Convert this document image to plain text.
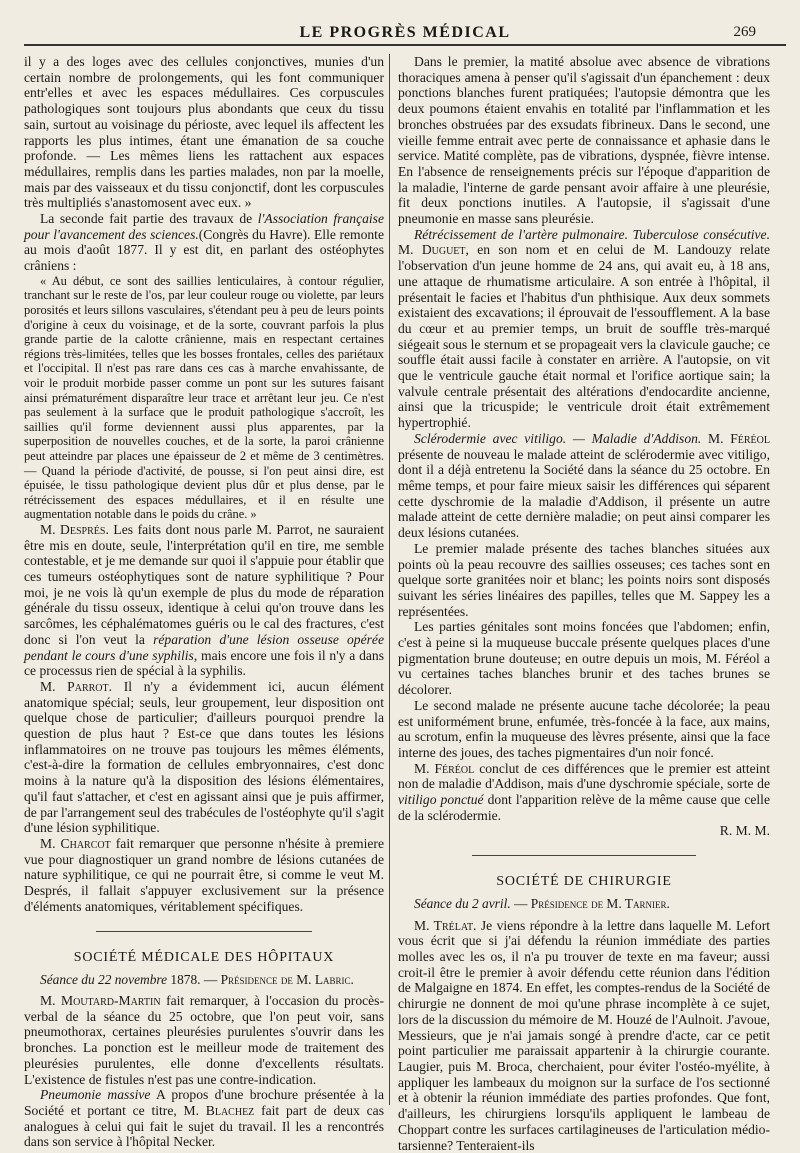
LE PROGRÈS MÉDICAL	269

il y a des loges avec des cellules conjonctives, munies d'un certain nombre de prolongements, qui les font communiquer entr'elles et avec les espaces médullaires. Ces corpuscules pathologiques sont toujours plus abondants que ceux du tissu sain, surtout au voisinage du périoste, avec lequel ils affectent les rapports les plus intimes, étant une émanation de sa couche profonde. — Les mêmes liens les rattachent aux espaces médullaires, remplis dans les parties malades, non par la moelle, mais par des vaisseaux et du tissu conjonctif, dont les corpuscules très multipliés s'anastomosent avec eux. »

La seconde fait partie des travaux de l'Association française pour l'avancement des sciences.(Congrès du Havre). Elle remonte au mois d'août 1877. Il y est dit, en parlant des ostéophytes crâniens :

« Au début, ce sont des saillies lenticulaires, à contour régulier, tranchant sur le reste de l'os, par leur couleur rouge ou violette, par leurs porosités et leurs sillons vasculaires, s'étendant peu à peu de leurs points d'origine à ceux du voisinage, et de la sorte, couvrant parfois la plus grande partie de la calotte crânienne, mais en respectant certaines régions très-limitées, telles que les bosses frontales, celles des pariétaux et l'occipital. Il n'est pas rare dans ces cas à marche envahissante, de voir le produit morbide passer comme un pont sur les sutures faisant ainsi prématurément disparaître leur trace et arrêtant leur jeu. Ce n'est pas seulement à la surface que le produit pathologique s'accroît, les saillies qu'il forme deviennent aussi plus apparentes, par la superposition de nouvelles couches, et de la sorte, la paroi crânienne peut atteindre par places une épaisseur de 2 et même de 3 centimètres. — Quand la période d'activité, de pousse, si l'on peut ainsi dire, est épuisée, le tissu pathologique devient plus dûr et plus dense, par le rétrécissement des espaces médullaires, et il en résulte une augmentation notable dans le poids du crâne. »

M. Després. Les faits dont nous parle M. Parrot, ne sauraient être mis en doute, seule, l'interprétation qu'il en tire, me semble contestable, et je me demande sur quoi il s'appuie pour établir que ces tumeurs ostéophytiques sont de nature syphilitique ? Pour moi, je ne vois là qu'un exemple de plus du mode de réparation générale du tissu osseux, identique à celui qu'on trouve dans les sarcômes, les céphalématomes guéris ou le cal des fractures, c'est donc si l'on veut la réparation d'une lésion osseuse opérée pendant le cours d'une syphilis, mais encore une fois il n'y a dans ce processus rien de spécial à la syphilis.

M. Parrot. Il n'y a évidemment ici, aucun élément anatomique spécial; seuls, leur groupement, leur disposition ont quelque chose de particulier; d'ailleurs pourquoi prendre la question de plus haut ? Est-ce que dans toutes les lésions inflammatoires on ne trouve pas toujours les mêmes éléments, c'est-à-dire la formation de cellules embryonnaires, c'est donc moins à la nature qu'à la disposition des lésions élémentaires, qu'il faut s'attacher, et c'est en agissant ainsi que je puis affirmer, de par l'arrangement seul des trabécules de l'ostéophyte qu'il s'agit d'une lésion syphilitique.

M. Charcot fait remarquer que personne n'hésite à premiere vue pour diagnostiquer un grand nombre de lésions cutanées de nature syphilitique, ce qui ne pourrait être, si comme le veut M. Després, il fallait s'appuyer exclusivement sur la présence d'éléments anatomiques, véritablement spécifiques.

SOCIÉTÉ MÉDICALE DES HÔPITAUX
Séance du 22 novembre 1878. — Présidence de M. Labric.

M. Moutard-Martin fait remarquer, à l'occasion du procès-verbal de la séance du 25 octobre, que l'on peut voir, sans pneumothorax, certaines pleurésies purulentes s'ouvrir dans les bronches. La ponction est le meilleur mode de traitement des pleurésies purulentes, elle donne d'excellents résultats. L'existence de fistules n'est pas une contre-indication.

Pneumonie massive A propos d'une brochure présentée à la Société et portant ce titre, M. Blachez fait part de deux cas analogues à celui qui fait le sujet du travail. Il les a rencontrés dans son service à l'hôpital Necker.

Dans le premier, la matité absolue avec absence de vibrations thoraciques amena à penser qu'il s'agissait d'un épanchement : deux ponctions blanches furent pratiquées; l'autopsie démontra que les deux poumons étaient envahis en totalité par l'inflammation et les bronches obstruées par des exsudats fibrineux. Dans le second, une vieille femme entrait avec perte de connaissance et aphasie dans le service. Matité complète, pas de vibrations, dyspnée, fièvre intense. En l'absence de renseignements précis sur l'époque d'apparition de la maladie, l'interne de garde pensant avoir affaire à une pleurésie, fit deux ponctions inutiles. A l'autopsie, il s'agissait d'une pneumonie en masse sans pleurésie.

Rétrécissement de l'artère pulmonaire. Tuberculose consécutive. M. Duguet, en son nom et en celui de M. Landouzy relate l'observation d'un jeune homme de 24 ans, qui avait eu, à 18 ans, une attaque de rhumatisme articulaire. A son entrée à l'hôpital, il présentait le facies et l'habitus d'un phthisique. Aux deux sommets existaient des excavations; il éprouvait de l'essoufflement. A la base du cœur et au premier temps, un bruit de souffle très-marqué siégeait sous le sternum et se propageait vers la clavicule gauche; ce souffle était aussi facile à constater en arrière. A l'autopsie, on vit que le ventricule gauche était normal et l'orifice aortique sain; la valvule centrale présentait des altérations d'endocardite ancienne, ainsi que la tricuspide; le ventricule droit était extrêmement hypertrophié.

Sclérodermie avec vitiligo. — Maladie d'Addison. M. Féréol présente de nouveau le malade atteint de sclérodermie avec vitiligo, dont il a déjà entretenu la Société dans la séance du 25 octobre. En même temps, et pour faire mieux saisir les différences qui séparent cette dyschromie de la maladie d'Addison, il présente un autre malade atteint de cette dernière maladie; on peut ainsi comparer les deux lésions cutanées.

Le premier malade présente des taches blanches situées aux points où la peau recouvre des saillies osseuses; ces taches sont en quelque sorte granitées noir et blanc; les points noirs sont disposés suivant les séries linéaires des papilles, telles que M. Sappey les a représentées.

Les parties génitales sont moins foncées que l'abdomen; enfin, c'est à peine si la muqueuse buccale présente quelques places d'une pigmentation brune douteuse; en outre depuis un mois, M. Féréol a vu certaines taches blanches brunir et des taches brunes se décolorer.

Le second malade ne présente aucune tache décolorée; la peau est uniformément brune, enfumée, très-foncée à la face, aux mains, au scrotum, enfin la muqueuse des lèvres présente, ainsi que la face interne des joues, des taches pigmentaires d'un noir foncé.

M. Féréol conclut de ces différences que le premier est atteint non de maladie d'Addison, mais d'une dyschromie spéciale, sorte de vitiligo ponctué dont l'apparition relève de la même cause que celle de la sclérodermie.

R. M. M.

SOCIÉTÉ DE CHIRURGIE
Séance du 2 avril. — Présidence de M. Tarnier.

M. Trélat. Je viens répondre à la lettre dans laquelle M. Lefort vous écrit que si j'ai défendu la réunion immédiate des parties molles avec les os, il n'a pu trouver de texte en ma faveur; aussi croit-il être le premier à avoir défendu cette réunion dans l'édition de Malgaigne en 1874. En effet, les comptes-rendus de la Société de chirurgie ne donnent de moi qu'une phrase incomplète à ce sujet, lors de la discussion du mémoire de M. Houzé de l'Aulnoit. J'avoue, Messieurs, que je n'ai jamais songé à prendre d'acte, car ce petit point particulier me paraissait appartenir à la chirurgie courante. Laugier, puis M. Broca, cherchaient, pour éviter l'ostéo-myélite, à appliquer les lambeaux du moignon sur la surface de l'os sectionné et à obtenir la réunion immédiate des parties profondes. Que font, d'ailleurs, les chirurgiens lorsqu'ils appliquent le lambeau de Choppart contre les surfaces cartilagineuses de l'articulation médio-tarsienne? Tenteraient-ils
